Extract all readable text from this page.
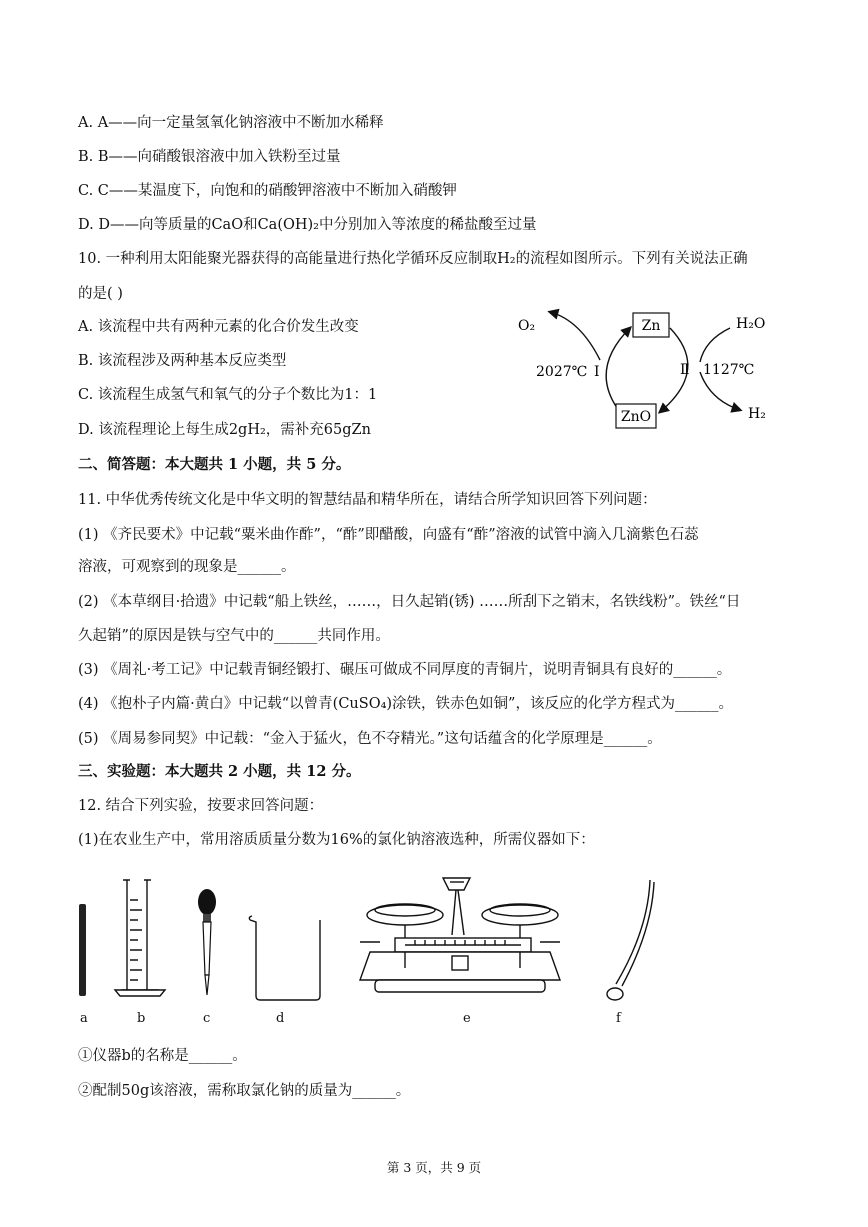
A. A——向一定量氢氧化钠溶液中不断加水稀释
B. B——向硝酸银溶液中加入铁粉至过量
C. C——某温度下，向饱和的硝酸钾溶液中不断加入硝酸钾
D. D——向等质量的CaO和Ca(OH)₂中分别加入等浓度的稀盐酸至过量
10. 一种利用太阳能聚光器获得的高能量进行热化学循环反应制取H₂的流程如图所示。下列有关说法正确
的是( )
A. 该流程中共有两种元素的化合价发生改变
B. 该流程涉及两种基本反应类型
C. 该流程生成氢气和氧气的分子个数比为1：1
D. 该流程理论上每生成2gH₂，需补充65gZn
Zn
ZnO
O₂	H₂O
H₂
2027℃ Ⅰ	Ⅱ 1127℃
二、简答题：本大题共 1 小题，共 5 分。
11. 中华优秀传统文化是中华文明的智慧结晶和精华所在，请结合所学知识回答下列问题：
(1) 《齐民要术》中记载“粟米曲作酢”，“酢”即醋酸，向盛有“酢”溶液的试管中滴入几滴紫色石蕊
溶液，可观察到的现象是______。
(2) 《本草纲目·拾遗》中记载“船上铁丝，……，日久起销(锈) ……所刮下之销末，名铁线粉”。铁丝“日
久起销”的原因是铁与空气中的______共同作用。
(3) 《周礼·考工记》中记载青铜经锻打、碾压可做成不同厚度的青铜片，说明青铜具有良好的______。
(4) 《抱朴子内篇·黄白》中记载“以曾青(CuSO₄)涂铁，铁赤色如铜”，该反应的化学方程式为______。
(5) 《周易参同契》中记载：“金入于猛火，色不夺精光。”这句话蕴含的化学原理是______。
三、实验题：本大题共 2 小题，共 12 分。
12. 结合下列实验，按要求回答问题：
(1)在农业生产中，常用溶质质量分数为16%的氯化钠溶液选种，所需仪器如下：
a	b	c	d	e	f
①仪器b的名称是______。
②配制50g该溶液，需称取氯化钠的质量为______。
第 3 页，共 9 页
